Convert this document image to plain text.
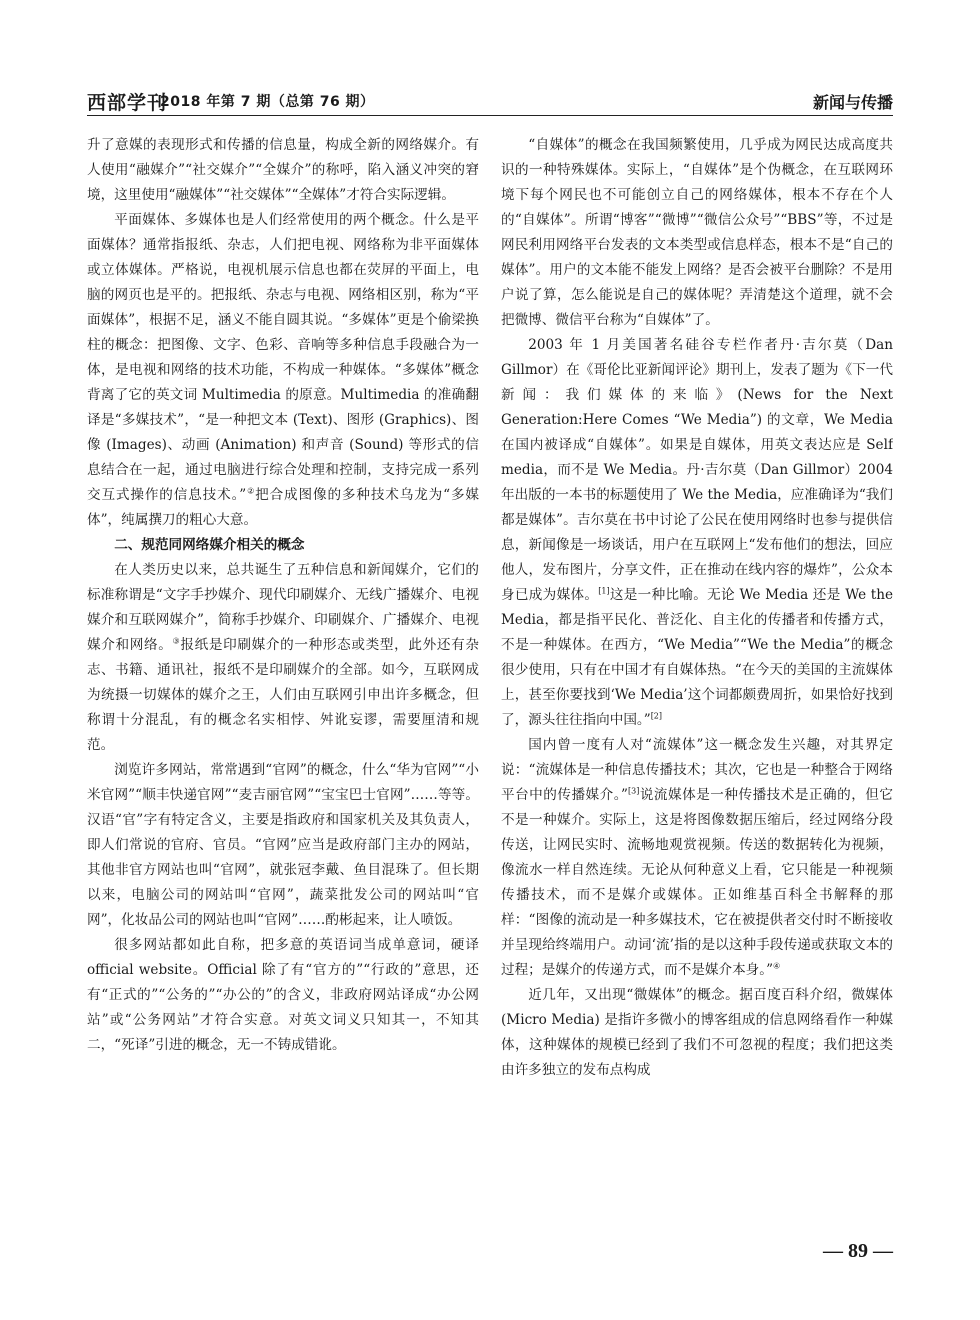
西部学刊
2018 年第 7 期（总第 76 期）	新闻与传播

升了意媒的表现形式和传播的信息量，构成全新的网络媒介。有人使用“融媒介”“社交媒介”“全媒介”的称呼，陷入涵义冲突的窘境，这里使用“融媒体”“社交媒体”“全媒体”才符合实际逻辑。

平面媒体、多媒体也是人们经常使用的两个概念。什么是平面媒体？通常指报纸、杂志，人们把电视、网络称为非平面媒体或立体媒体。严格说，电视机展示信息也都在荧屏的平面上，电脑的网页也是平的。把报纸、杂志与电视、网络相区别，称为“平面媒体”，根据不足，涵义不能自圆其说。“多媒体”更是个偷梁换柱的概念：把图像、文字、色彩、音响等多种信息手段融合为一体，是电视和网络的技术功能，不构成一种媒体。“多媒体”概念背离了它的英文词 Multimedia 的原意。Multimedia 的准确翻译是“多媒技术”，“是一种把文本 (Text)、图形 (Graphics)、图像 (Images)、动画 (Animation) 和声音 (Sound) 等形式的信息结合在一起，通过电脑进行综合处理和控制，支持完成一系列交互式操作的信息技术。”②把合成图像的多种技术乌龙为“多媒体”，纯属撰刀的粗心大意。

二、规范同网络媒介相关的概念

在人类历史以来，总共诞生了五种信息和新闻媒介，它们的标准称谓是“文字手抄媒介、现代印刷媒介、无线广播媒介、电视媒介和互联网媒介”，简称手抄媒介、印刷媒介、广播媒介、电视媒介和网络。③报纸是印刷媒介的一种形态或类型，此外还有杂志、书籍、通讯社，报纸不是印刷媒介的全部。如今，互联网成为统摄一切媒体的媒介之王，人们由互联网引申出许多概念，但称谓十分混乱，有的概念名实相悖、舛讹妄谬，需要厘清和规范。

浏览许多网站，常常遇到“官网”的概念，什么“华为官网”“小米官网”“顺丰快递官网”“麦吉丽官网”“宝宝巴士官网”……等等。汉语“官”字有特定含义，主要是指政府和国家机关及其负责人，即人们常说的官府、官员。“官网”应当是政府部门主办的网站，其他非官方网站也叫“官网”，就张冠李戴、鱼目混珠了。但长期以来，电脑公司的网站叫“官网”，蔬菜批发公司的网站叫“官网”，化妆品公司的网站也叫“官网”……酌彬起来，让人喷饭。

很多网站都如此自称，把多意的英语词当成单意词，硬译 official website。Official 除了有“官方的”“行政的”意思，还有“正式的”“公务的”“办公的”的含义，非政府网站译成“办公网站”或“公务网站”才符合实意。对英文词义只知其一，不知其二，“死译”引进的概念，无一不铸成错讹。

“自媒体”的概念在我国频繁使用，几乎成为网民达成高度共识的一种特殊媒体。实际上，“自媒体”是个伪概念，在互联网环境下每个网民也不可能创立自己的网络媒体，根本不存在个人的“自媒体”。所谓“博客”“微博”“微信公众号”“BBS”等，不过是网民利用网络平台发表的文本类型或信息样态，根本不是“自己的媒体”。用户的文本能不能发上网络？是否会被平台删除？不是用户说了算，怎么能说是自己的媒体呢？弄清楚这个道理，就不会把微博、微信平台称为“自媒体”了。

2003 年 1 月美国著名硅谷专栏作者丹·吉尔莫（Dan Gillmor）在《哥伦比亚新闻评论》期刊上，发表了题为《下一代新闻：我们媒体的来临》(News for the Next Generation:Here Comes “We Media”) 的文章，We Media 在国内被译成“自媒体”。如果是自媒体，用英文表达应是 Self media，而不是 We Media。丹·吉尔莫（Dan Gillmor）2004 年出版的一本书的标题使用了 We the Media，应准确译为“我们都是媒体”。吉尔莫在书中讨论了公民在使用网络时也参与提供信息，新闻像是一场谈话，用户在互联网上“发布他们的想法，回应他人，发布图片，分享文件，正在推动在线内容的爆炸”，公众本身已成为媒体。[1]这是一种比喻。无论 We Media 还是 We the Media，都是指平民化、普泛化、自主化的传播者和传播方式，不是一种媒体。在西方，“We Media”“We the Media”的概念很少使用，只有在中国才有自媒体热。“在今天的美国的主流媒体上，甚至你要找到‘We Media’这个词都颇费周折，如果恰好找到了，源头往往指向中国。”[2]

国内曾一度有人对“流媒体”这一概念发生兴趣，对其界定说：“流媒体是一种信息传播技术；其次，它也是一种整合于网络平台中的传播媒介。”[3]说流媒体是一种传播技术是正确的，但它不是一种媒介。实际上，这是将图像数据压缩后，经过网络分段传送，让网民实时、流畅地观赏视频。传送的数据转化为视频，像流水一样自然连续。无论从何种意义上看，它只能是一种视频传播技术，而不是媒介或媒体。正如维基百科全书解释的那样：“图像的流动是一种多媒技术，它在被提供者交付时不断接收并呈现给终端用户。动词‘流’指的是以这种手段传递或获取文本的过程；是媒介的传递方式，而不是媒介本身。”④

近几年，又出现“微媒体”的概念。据百度百科介绍，微媒体 (Micro Media) 是指许多微小的博客组成的信息网络看作一种媒体，这种媒体的规模已经到了我们不可忽视的程度；我们把这类由许多独立的发布点构成

— 89 —
